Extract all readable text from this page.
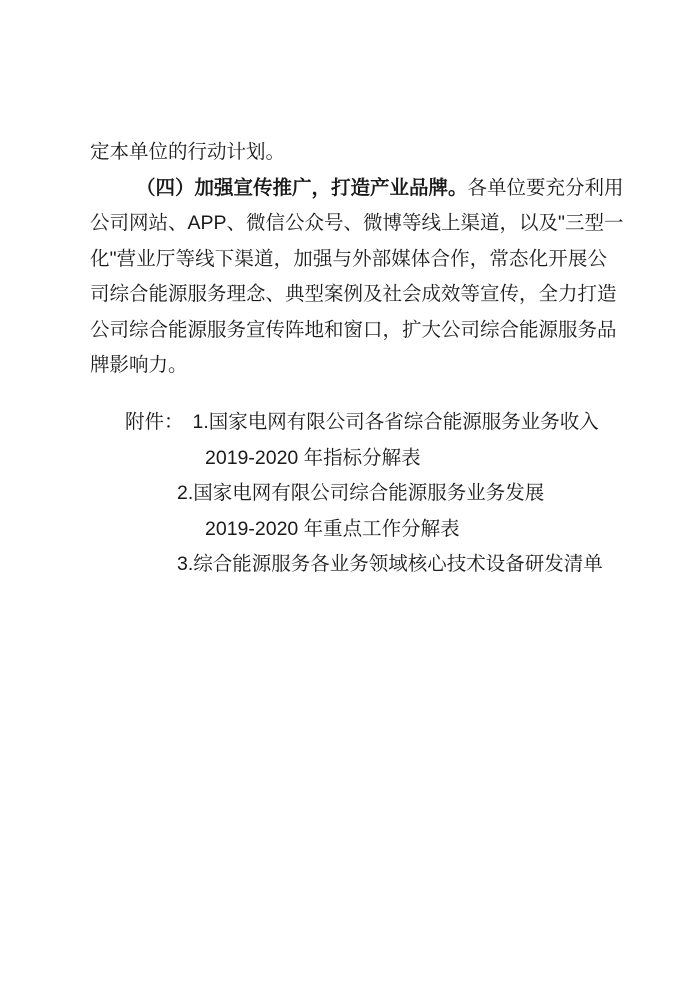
定本单位的行动计划。
（四）加强宣传推广，打造产业品牌。各单位要充分利用
公司网站、APP、微信公众号、微博等线上渠道，以及"三型一
化"营业厅等线下渠道，加强与外部媒体合作，常态化开展公
司综合能源服务理念、典型案例及社会成效等宣传，全力打造
公司综合能源服务宣传阵地和窗口，扩大公司综合能源服务品
牌影响力。
附件： 1.国家电网有限公司各省综合能源服务业务收入
2019-2020 年指标分解表
2.国家电网有限公司综合能源服务业务发展
2019-2020 年重点工作分解表
3.综合能源服务各业务领域核心技术设备研发清单
